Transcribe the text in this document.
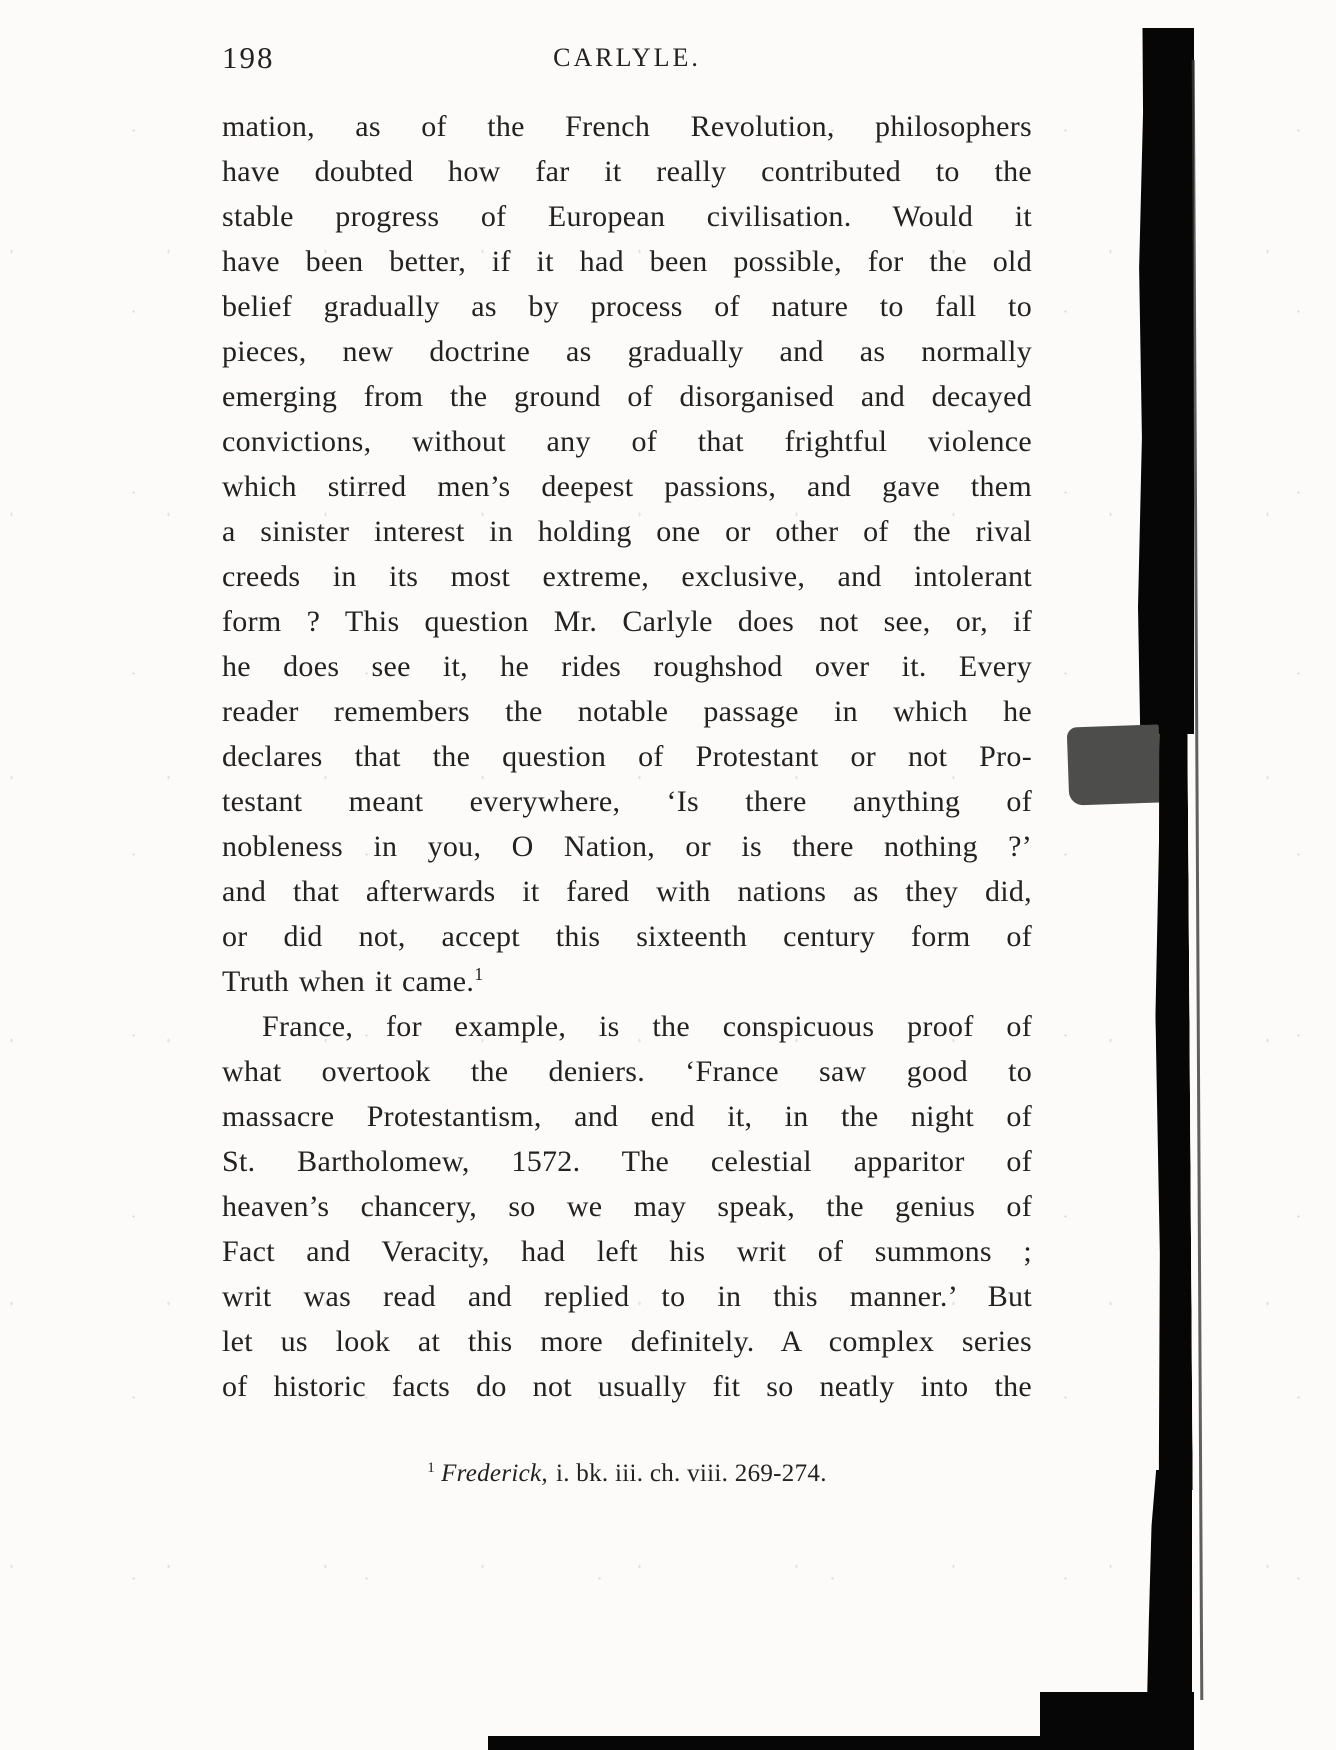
198	CARLYLE.
mation, as of the French Revolution, philosophers
have doubted how far it really contributed to the
stable progress of European civilisation. Would it
have been better, if it had been possible, for the old
belief gradually as by process of nature to fall to
pieces, new doctrine as gradually and as normally
emerging from the ground of disorganised and decayed
convictions, without any of that frightful violence
which stirred men’s deepest passions, and gave them
a sinister interest in holding one or other of the rival
creeds in its most extreme, exclusive, and intolerant
form ? This question Mr. Carlyle does not see, or, if
he does see it, he rides roughshod over it. Every
reader remembers the notable passage in which he
declares that the question of Protestant or not Pro-
testant meant everywhere, ‘Is there anything of
nobleness in you, O Nation, or is there nothing ?’
and that afterwards it fared with nations as they did,
or did not, accept this sixteenth century form of
Truth when it came.$^1$
France, for example, is the conspicuous proof of
what overtook the deniers. ‘France saw good to
massacre Protestantism, and end it, in the night of
St. Bartholomew, 1572. The celestial apparitor of
heaven’s chancery, so we may speak, the genius of
Fact and Veracity, had left his writ of summons ;
writ was read and replied to in this manner.’ But
let us look at this more definitely. A complex series
of historic facts do not usually fit so neatly into the
$^1$ Frederick, i. bk. iii. ch. viii. 269-274.
